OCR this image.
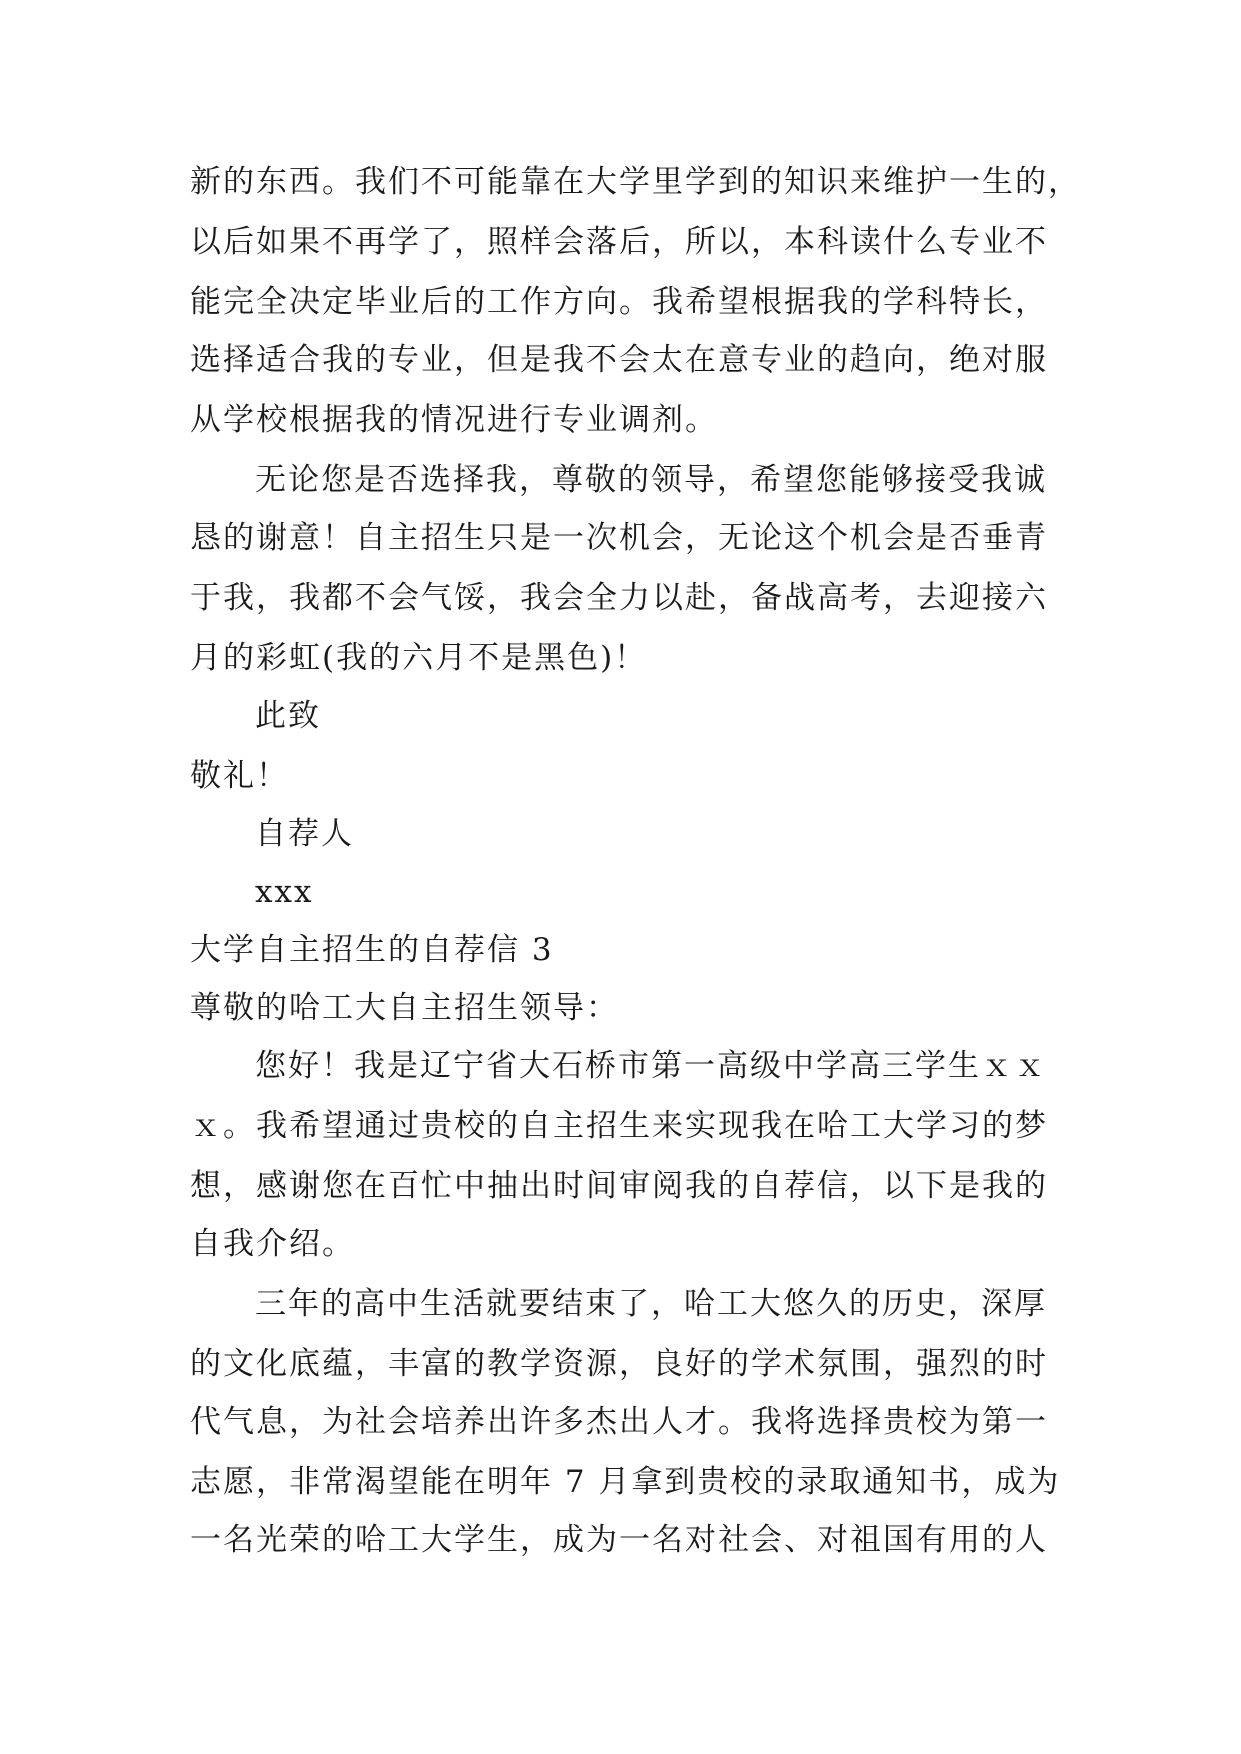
新的东西。我们不可能靠在大学里学到的知识来维护一生的，
以后如果不再学了，照样会落后，所以，本科读什么专业不
能完全决定毕业后的工作方向。我希望根据我的学科特长，
选择适合我的专业，但是我不会太在意专业的趋向，绝对服
从学校根据我的情况进行专业调剂。
无论您是否选择我，尊敬的领导，希望您能够接受我诚
恳的谢意！自主招生只是一次机会，无论这个机会是否垂青
于我，我都不会气馁，我会全力以赴，备战高考，去迎接六
月的彩虹(我的六月不是黑色)！
此致
敬礼！
自荐人
xxx
大学自主招生的自荐信 3
尊敬的哈工大自主招生领导：
您好！我是辽宁省大石桥市第一高级中学高三学生ｘｘ
ｘ。我希望通过贵校的自主招生来实现我在哈工大学习的梦
想，感谢您在百忙中抽出时间审阅我的自荐信，以下是我的
自我介绍。
三年的高中生活就要结束了，哈工大悠久的历史，深厚
的文化底蕴，丰富的教学资源，良好的学术氛围，强烈的时
代气息，为社会培养出许多杰出人才。我将选择贵校为第一
志愿，非常渴望能在明年 7 月拿到贵校的录取通知书，成为
一名光荣的哈工大学生，成为一名对社会、对祖国有用的人
